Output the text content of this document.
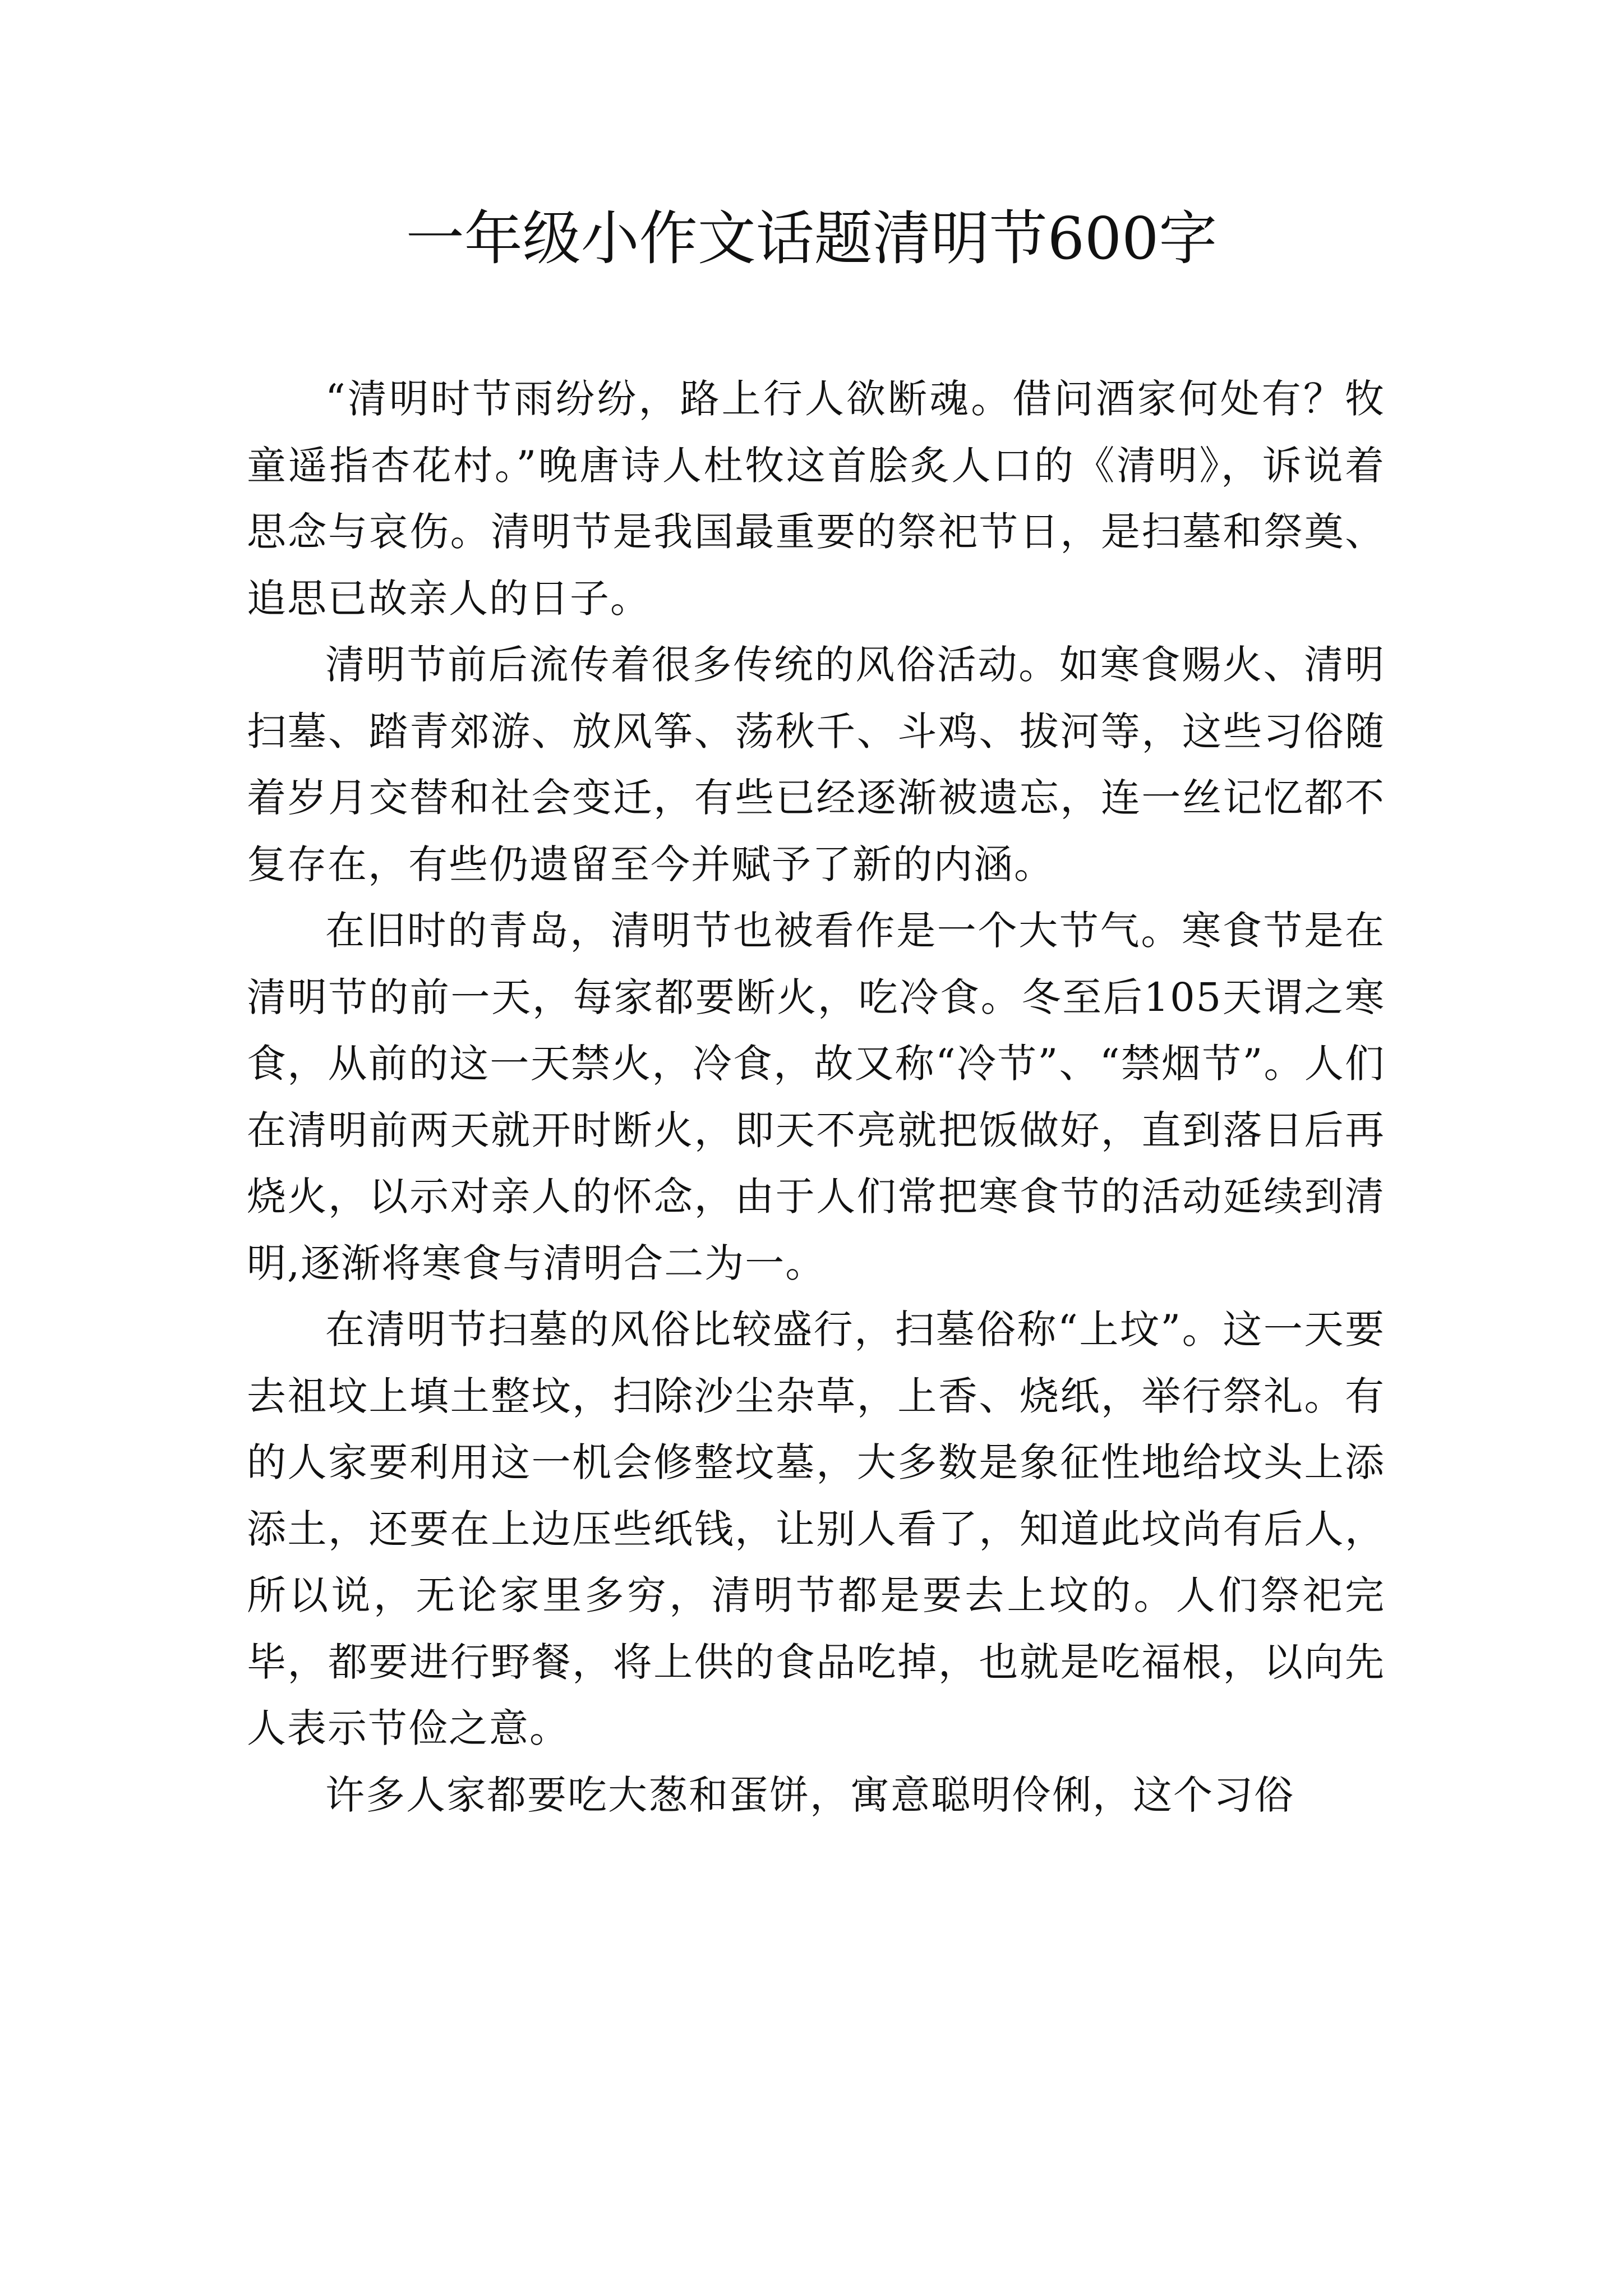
一年级小作文话题清明节600字

“清明时节雨纷纷，路上行人欲断魂。借问酒家何处有？牧童遥指杏花村。”晚唐诗人杜牧这首脍炙人口的《清明》，诉说着思念与哀伤。清明节是我国最重要的祭祀节日，是扫墓和祭奠、追思已故亲人的日子。

清明节前后流传着很多传统的风俗活动。如寒食赐火、清明扫墓、踏青郊游、放风筝、荡秋千、斗鸡、拔河等，这些习俗随着岁月交替和社会变迁，有些已经逐渐被遗忘，连一丝记忆都不复存在，有些仍遗留至今并赋予了新的内涵。

在旧时的青岛，清明节也被看作是一个大节气。寒食节是在清明节的前一天，每家都要断火，吃冷食。冬至后105天谓之寒食，从前的这一天禁火，冷食，故又称“冷节”、“禁烟节”。人们在清明前两天就开时断火，即天不亮就把饭做好，直到落日后再烧火，以示对亲人的怀念，由于人们常把寒食节的活动延续到清明,逐渐将寒食与清明合二为一。

在清明节扫墓的风俗比较盛行，扫墓俗称“上坟”。这一天要去祖坟上填土整坟，扫除沙尘杂草，上香、烧纸，举行祭礼。有的人家要利用这一机会修整坟墓，大多数是象征性地给坟头上添添土，还要在上边压些纸钱，让别人看了，知道此坟尚有后人，所以说，无论家里多穷，清明节都是要去上坟的。人们祭祀完毕，都要进行野餐，将上供的食品吃掉，也就是吃福根，以向先人表示节俭之意。

许多人家都要吃大葱和蛋饼，寓意聪明伶俐，这个习俗
